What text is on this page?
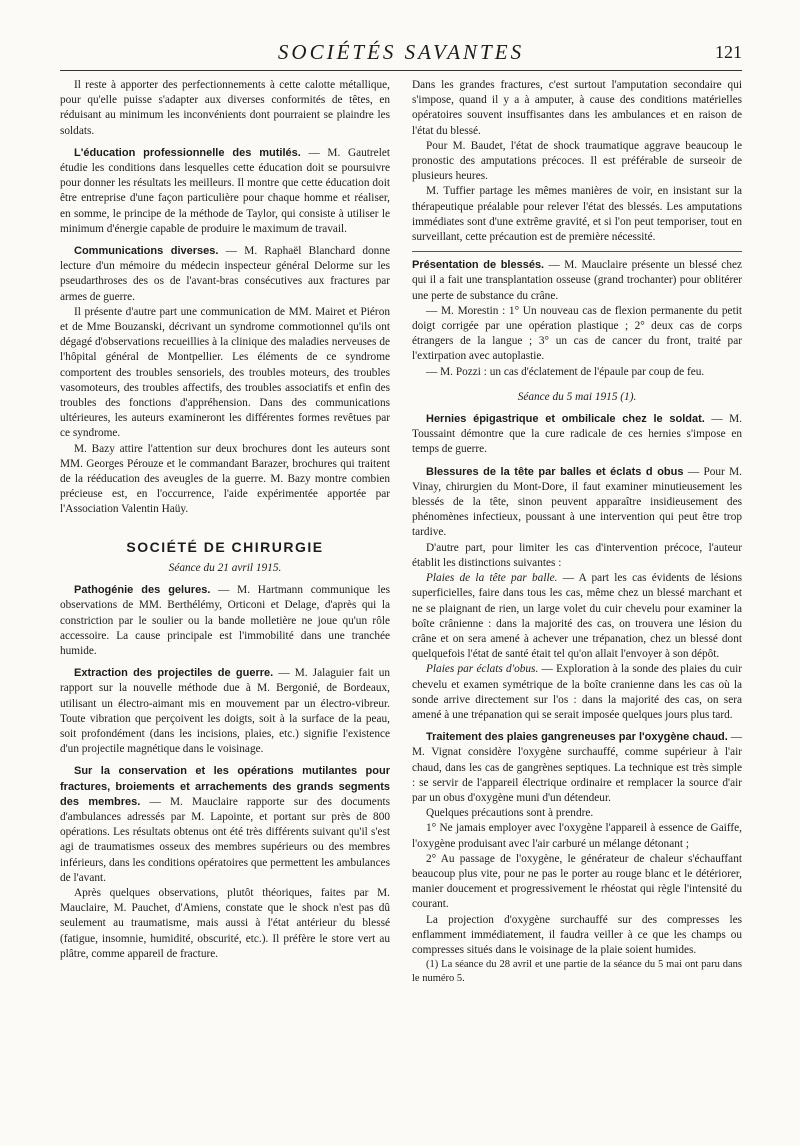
SOCIÉTÉS SAVANTES	121

Il reste à apporter des perfectionnements à cette calotte métallique, pour qu'elle puisse s'adapter aux diverses conformités de têtes, en réduisant au minimum les inconvénients dont pourraient se plaindre les soldats.

L'éducation professionnelle des mutilés. — M. Gautrelet étudie les conditions dans lesquelles cette éducation doit se poursuivre pour donner les résultats les meilleurs. Il montre que cette éducation doit être entreprise d'une façon particulière pour chaque homme et réaliser, en somme, le principe de la méthode de Taylor, qui consiste à utiliser le minimum d'énergie capable de produire le maximum de travail.

Communications diverses. — M. Raphaël Blanchard donne lecture d'un mémoire du médecin inspecteur général Delorme sur les pseudarthroses des os de l'avant-bras consécutives aux fractures par armes de guerre.

Il présente d'autre part une communication de MM. Mairet et Piéron et de Mme Bouzanski, décrivant un syndrome commotionnel qu'ils ont dégagé d'observations recueillies à la clinique des maladies nerveuses de l'hôpital général de Montpellier. Les éléments de ce syndrome comportent des troubles sensoriels, des troubles moteurs, des troubles vasomoteurs, des troubles affectifs, des troubles associatifs et enfin des troubles des fonctions d'appréhension. Dans des communications ultérieures, les auteurs examineront les différentes formes revêtues par ce syndrome.

M. Bazy attire l'attention sur deux brochures dont les auteurs sont MM. Georges Pérouze et le commandant Barazer, brochures qui traitent de la rééducation des aveugles de la guerre. M. Bazy montre combien précieuse est, en l'occurrence, l'aide expérimentée apportée par l'Association Valentin Haüy.

SOCIÉTÉ DE CHIRURGIE
Séance du 21 avril 1915.

Pathogénie des gelures. — M. Hartmann communique les observations de MM. Berthélémy, Orticoni et Delage, d'après qui la constriction par le soulier ou la bande molletière ne joue qu'un rôle accessoire. La cause principale est l'immobilité dans une tranchée humide.

Extraction des projectiles de guerre. — M. Jalaguier fait un rapport sur la nouvelle méthode due à M. Bergonié, de Bordeaux, utilisant un électro-aimant mis en mouvement par un électro-vibreur. Toute vibration que perçoivent les doigts, soit à la surface de la peau, soit profondément (dans les incisions, plaies, etc.) signifie l'existence d'un projectile magnétique dans le voisinage.

Sur la conservation et les opérations mutilantes pour fractures, broiements et arrachements des grands segments des membres. — M. Mauclaire rapporte sur des documents d'ambulances adressés par M. Lapointe, et portant sur près de 800 opérations. Les résultats obtenus ont été très différents suivant qu'il s'est agi de traumatismes osseux des membres supérieurs ou des membres inférieurs, dans les conditions opératoires que permettent les ambulances de l'avant.

Après quelques observations, plutôt théoriques, faites par M. Mauclaire, M. Pauchet, d'Amiens, constate que le shock n'est pas dû seulement au traumatisme, mais aussi à l'état antérieur du blessé (fatigue, insomnie, humidité, obscurité, etc.). Il préfère le store vert au plâtre, comme appareil de fracture.

Dans les grandes fractures, c'est surtout l'amputation secondaire qui s'impose, quand il y a à amputer, à cause des conditions matérielles opératoires souvent insuffisantes dans les ambulances et en raison de l'état du blessé.

Pour M. Baudet, l'état de shock traumatique aggrave beaucoup le pronostic des amputations précoces. Il est préférable de surseoir de plusieurs heures.

M. Tuffier partage les mêmes manières de voir, en insistant sur la thérapeutique préalable pour relever l'état des blessés. Les amputations immédiates sont d'une extrême gravité, et si l'on peut temporiser, tout en surveillant, cette précaution est de première nécessité.

Présentation de blessés. — M. Mauclaire présente un blessé chez qui il a fait une transplantation osseuse (grand trochanter) pour oblitérer une perte de substance du crâne.

— M. Morestin : 1° Un nouveau cas de flexion permanente du petit doigt corrigée par une opération plastique ; 2° deux cas de corps étrangers de la langue ; 3° un cas de cancer du front, traité par l'extirpation avec autoplastie.

— M. Pozzi : un cas d'éclatement de l'épaule par coup de feu.

Séance du 5 mai 1915 (1).

Hernies épigastrique et ombilicale chez le soldat. — M. Toussaint démontre que la cure radicale de ces hernies s'impose en temps de guerre.

Blessures de la tête par balles et éclats d obus — Pour M. Vinay, chirurgien du Mont-Dore, il faut examiner minutieusement les blessés de la tête, sinon peuvent apparaître insidieusement des phénomènes infectieux, poussant à une intervention qui peut être trop tardive.

D'autre part, pour limiter les cas d'intervention précoce, l'auteur établit les distinctions suivantes :

Plaies de la tête par balle. — A part les cas évidents de lésions superficielles, faire dans tous les cas, même chez un blessé marchant et ne se plaignant de rien, un large volet du cuir chevelu pour examiner la boîte crânienne : dans la majorité des cas, on trouvera une lésion du crâne et on sera amené à achever une trépanation, chez un blessé dont quelquefois l'état de santé était tel qu'on allait l'envoyer à son dépôt.

Plaies par éclats d'obus. — Exploration à la sonde des plaies du cuir chevelu et examen symétrique de la boîte cranienne dans les cas où la sonde arrive directement sur l'os : dans la majorité des cas, on sera amené à une trépanation qui se serait imposée quelques jours plus tard.

Traitement des plaies gangreneuses par l'oxygène chaud. — M. Vignat considère l'oxygène surchauffé, comme supérieur à l'air chaud, dans les cas de gangrènes septiques. La technique est très simple : se servir de l'appareil électrique ordinaire et remplacer la source d'air par un obus d'oxygène muni d'un détendeur.

Quelques précautions sont à prendre.

1° Ne jamais employer avec l'oxygène l'appareil à essence de Gaiffe, l'oxygène produisant avec l'air carburé un mélange détonant ;

2° Au passage de l'oxygène, le générateur de chaleur s'échauffant beaucoup plus vite, pour ne pas le porter au rouge blanc et le détériorer, manier doucement et progressivement le rhéostat qui règle l'intensité du courant.

La projection d'oxygène surchauffé sur des compresses les enflamment immédiatement, il faudra veiller à ce que les champs ou compresses situés dans le voisinage de la plaie soient humides.

(1) La séance du 28 avril et une partie de la séance du 5 mai ont paru dans le numéro 5.
